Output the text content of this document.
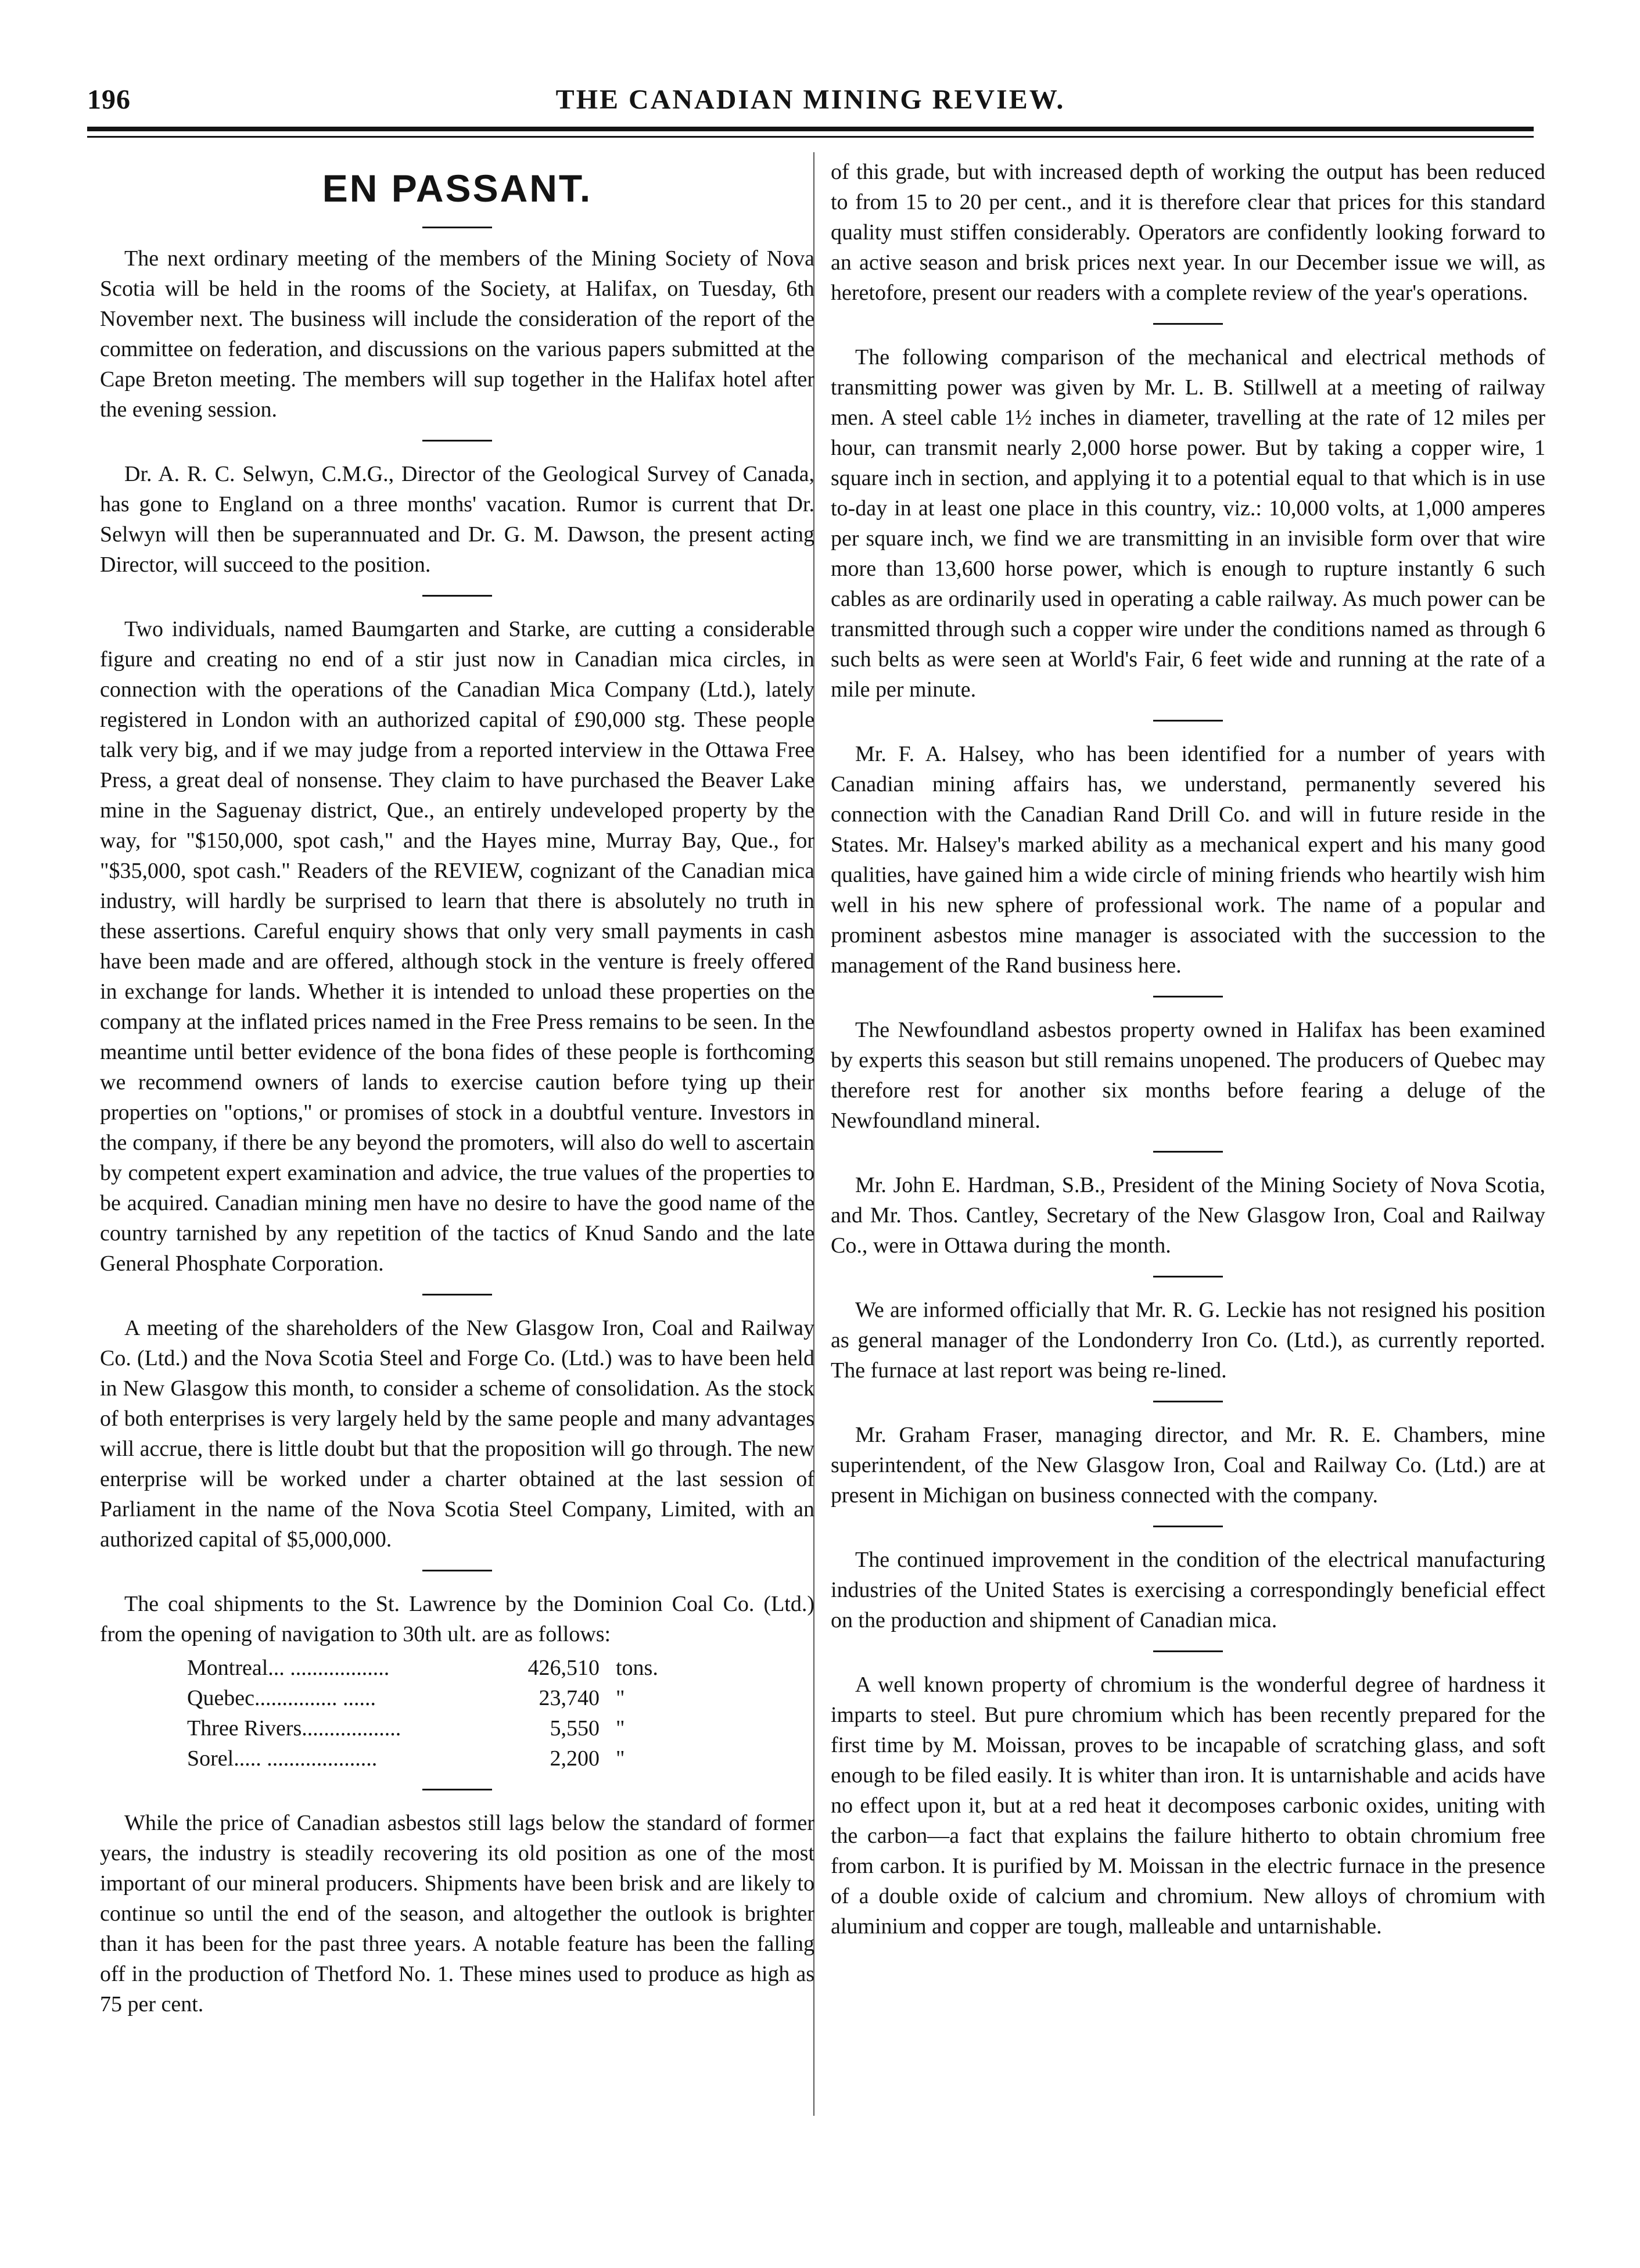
196	THE CANADIAN MINING REVIEW.
EN PASSANT.

The next ordinary meeting of the members of the Mining Society of Nova Scotia will be held in the rooms of the Society, at Halifax, on Tuesday, 6th November next. The business will include the consideration of the report of the committee on federation, and discussions on the various papers submitted at the Cape Breton meeting. The members will sup together in the Halifax hotel after the evening session.

Dr. A. R. C. Selwyn, C.M.G., Director of the Geological Survey of Canada, has gone to England on a three months' vacation. Rumor is current that Dr. Selwyn will then be superannuated and Dr. G. M. Dawson, the present acting Director, will succeed to the position.

Two individuals, named Baumgarten and Starke, are cutting a considerable figure and creating no end of a stir just now in Canadian mica circles, in connection with the operations of the Canadian Mica Company (Ltd.), lately registered in London with an authorized capital of £90,000 stg. These people talk very big, and if we may judge from a reported interview in the Ottawa Free Press, a great deal of nonsense. They claim to have purchased the Beaver Lake mine in the Saguenay district, Que., an entirely undeveloped property by the way, for "$150,000, spot cash," and the Hayes mine, Murray Bay, Que., for "$35,000, spot cash." Readers of the REVIEW, cognizant of the Canadian mica industry, will hardly be surprised to learn that there is absolutely no truth in these assertions. Careful enquiry shows that only very small payments in cash have been made and are offered, although stock in the venture is freely offered in exchange for lands. Whether it is intended to unload these properties on the company at the inflated prices named in the Free Press remains to be seen. In the meantime until better evidence of the bona fides of these people is forthcoming we recommend owners of lands to exercise caution before tying up their properties on "options," or promises of stock in a doubtful venture. Investors in the company, if there be any beyond the promoters, will also do well to ascertain by competent expert examination and advice, the true values of the properties to be acquired. Canadian mining men have no desire to have the good name of the country tarnished by any repetition of the tactics of Knud Sando and the late General Phosphate Corporation.

A meeting of the shareholders of the New Glasgow Iron, Coal and Railway Co. (Ltd.) and the Nova Scotia Steel and Forge Co. (Ltd.) was to have been held in New Glasgow this month, to consider a scheme of consolidation. As the stock of both enterprises is very largely held by the same people and many advantages will accrue, there is little doubt but that the proposition will go through. The new enterprise will be worked under a charter obtained at the last session of Parliament in the name of the Nova Scotia Steel Company, Limited, with an authorized capital of $5,000,000.

The coal shipments to the St. Lawrence by the Dominion Coal Co. (Ltd.) from the opening of navigation to 30th ult. are as follows:

Montreal... ..................	426,510	tons.
Quebec............... ......	23,740	"
Three Rivers..................	5,550	"
Sorel..... ....................	2,200	"

While the price of Canadian asbestos still lags below the standard of former years, the industry is steadily recovering its old position as one of the most important of our mineral producers. Shipments have been brisk and are likely to continue so until the end of the season, and altogether the outlook is brighter than it has been for the past three years. A notable feature has been the falling off in the production of Thetford No. 1. These mines used to produce as high as 75 per cent.

of this grade, but with increased depth of working the output has been reduced to from 15 to 20 per cent., and it is therefore clear that prices for this standard quality must stiffen considerably. Operators are confidently looking forward to an active season and brisk prices next year. In our December issue we will, as heretofore, present our readers with a complete review of the year's operations.

The following comparison of the mechanical and electrical methods of transmitting power was given by Mr. L. B. Stillwell at a meeting of railway men. A steel cable 1½ inches in diameter, travelling at the rate of 12 miles per hour, can transmit nearly 2,000 horse power. But by taking a copper wire, 1 square inch in section, and applying it to a potential equal to that which is in use to-day in at least one place in this country, viz.: 10,000 volts, at 1,000 amperes per square inch, we find we are transmitting in an invisible form over that wire more than 13,600 horse power, which is enough to rupture instantly 6 such cables as are ordinarily used in operating a cable railway. As much power can be transmitted through such a copper wire under the conditions named as through 6 such belts as were seen at World's Fair, 6 feet wide and running at the rate of a mile per minute.

Mr. F. A. Halsey, who has been identified for a number of years with Canadian mining affairs has, we understand, permanently severed his connection with the Canadian Rand Drill Co. and will in future reside in the States. Mr. Halsey's marked ability as a mechanical expert and his many good qualities, have gained him a wide circle of mining friends who heartily wish him well in his new sphere of professional work. The name of a popular and prominent asbestos mine manager is associated with the succession to the management of the Rand business here.

The Newfoundland asbestos property owned in Halifax has been examined by experts this season but still remains unopened. The producers of Quebec may therefore rest for another six months before fearing a deluge of the Newfoundland mineral.

Mr. John E. Hardman, S.B., President of the Mining Society of Nova Scotia, and Mr. Thos. Cantley, Secretary of the New Glasgow Iron, Coal and Railway Co., were in Ottawa during the month.

We are informed officially that Mr. R. G. Leckie has not resigned his position as general manager of the Londonderry Iron Co. (Ltd.), as currently reported. The furnace at last report was being re-lined.

Mr. Graham Fraser, managing director, and Mr. R. E. Chambers, mine superintendent, of the New Glasgow Iron, Coal and Railway Co. (Ltd.) are at present in Michigan on business connected with the company.

The continued improvement in the condition of the electrical manufacturing industries of the United States is exercising a correspondingly beneficial effect on the production and shipment of Canadian mica.

A well known property of chromium is the wonderful degree of hardness it imparts to steel. But pure chromium which has been recently prepared for the first time by M. Moissan, proves to be incapable of scratching glass, and soft enough to be filed easily. It is whiter than iron. It is untarnishable and acids have no effect upon it, but at a red heat it decomposes carbonic oxides, uniting with the carbon—a fact that explains the failure hitherto to obtain chromium free from carbon. It is purified by M. Moissan in the electric furnace in the presence of a double oxide of calcium and chromium. New alloys of chromium with aluminium and copper are tough, malleable and untarnishable.
